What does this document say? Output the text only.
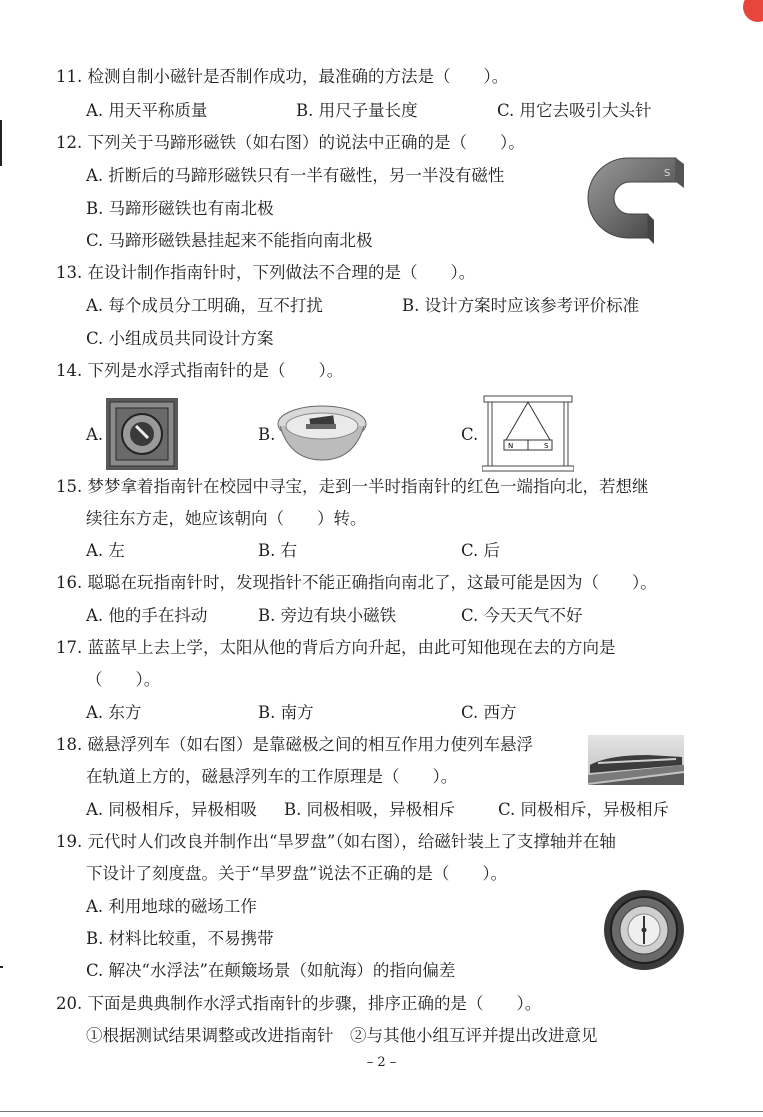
11. 检测自制小磁针是否制作成功，最准确的方法是（　　）。
A. 用天平称质量	B. 用尺子量长度	C. 用它去吸引大头针
12. 下列关于马蹄形磁铁（如右图）的说法中正确的是（　　）。
A. 折断后的马蹄形磁铁只有一半有磁性，另一半没有磁性
B. 马蹄形磁铁也有南北极
C. 马蹄形磁铁悬挂起来不能指向南北极
S
13. 在设计制作指南针时，下列做法不合理的是（　　）。
A. 每个成员分工明确，互不打扰	B. 设计方案时应该参考评价标准
C. 小组成员共同设计方案
14. 下列是水浮式指南针的是（　　）。
A.	B.	C.
N	S
15. 梦梦拿着指南针在校园中寻宝，走到一半时指南针的红色一端指向北，若想继
续往东方走，她应该朝向（　　）转。
A. 左	B. 右	C. 后
16. 聪聪在玩指南针时，发现指针不能正确指向南北了，这最可能是因为（　　）。
A. 他的手在抖动	B. 旁边有块小磁铁	C. 今天天气不好
17. 蓝蓝早上去上学，太阳从他的背后方向升起，由此可知他现在去的方向是
（　　）。
A. 东方	B. 南方	C. 西方
18. 磁悬浮列车（如右图）是靠磁极之间的相互作用力使列车悬浮
在轨道上方的，磁悬浮列车的工作原理是（　　）。
A. 同极相斥，异极相吸 B. 同极相吸，异极相斥	C. 同极相斥，异极相斥
19. 元代时人们改良并制作出“旱罗盘”（如右图），给磁针装上了支撑轴并在轴
下设计了刻度盘。关于“旱罗盘”说法不正确的是（　　）。
A. 利用地球的磁场工作
B. 材料比较重，不易携带
C. 解决“水浮法”在颠簸场景（如航海）的指向偏差
20. 下面是典典制作水浮式指南针的步骤，排序正确的是（　　）。
①根据测试结果调整或改进指南针　②与其他小组互评并提出改进意见
– 2 –
